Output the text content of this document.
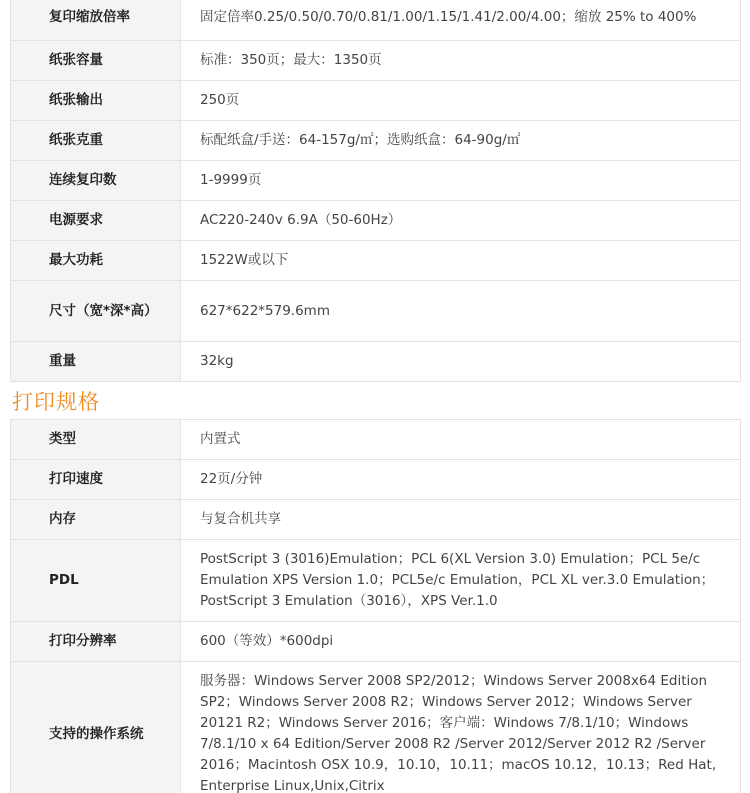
复印缩放倍率	固定倍率0.25/0.50/0.70/0.81/1.00/1.15/1.41/2.00/4.00；缩放 25% to 400%
纸张容量	标准：350页；最大：1350页
纸张输出	250页
纸张克重	标配纸盒/手送：64-157g/㎡；选购纸盒：64-90g/㎡
连续复印数	1-9999页
电源要求	AC220-240v 6.9A（50-60Hz）
最大功耗	1522W或以下
尺寸（宽*深*高）	627*622*579.6mm
重量	32kg
打印规格
类型	内置式
打印速度	22页/分钟
内存	与复合机共享
PDL	PostScript 3 (3016)Emulation；PCL 6(XL Version 3.0) Emulation；PCL 5e/c Emulation XPS Version 1.0；PCL5e/c Emulation，PCL XL ver.3.0 Emulation；PostScript 3 Emulation（3016），XPS Ver.1.0
打印分辨率	600（等效）*600dpi
支持的操作系统	服务器：Windows Server 2008 SP2/2012；Windows Server 2008x64 Edition SP2；Windows Server 2008 R2；Windows Server 2012；Windows Server 20121 R2；Windows Server 2016；客户端：Windows 7/8.1/10；Windows 7/8.1/10 x 64 Edition/Server 2008 R2 /Server 2012/Server 2012 R2 /Server 2016；Macintosh OSX 10.9，10.10，10.11；macOS 10.12，10.13；Red Hat, Enterprise Linux,Unix,Citrix
